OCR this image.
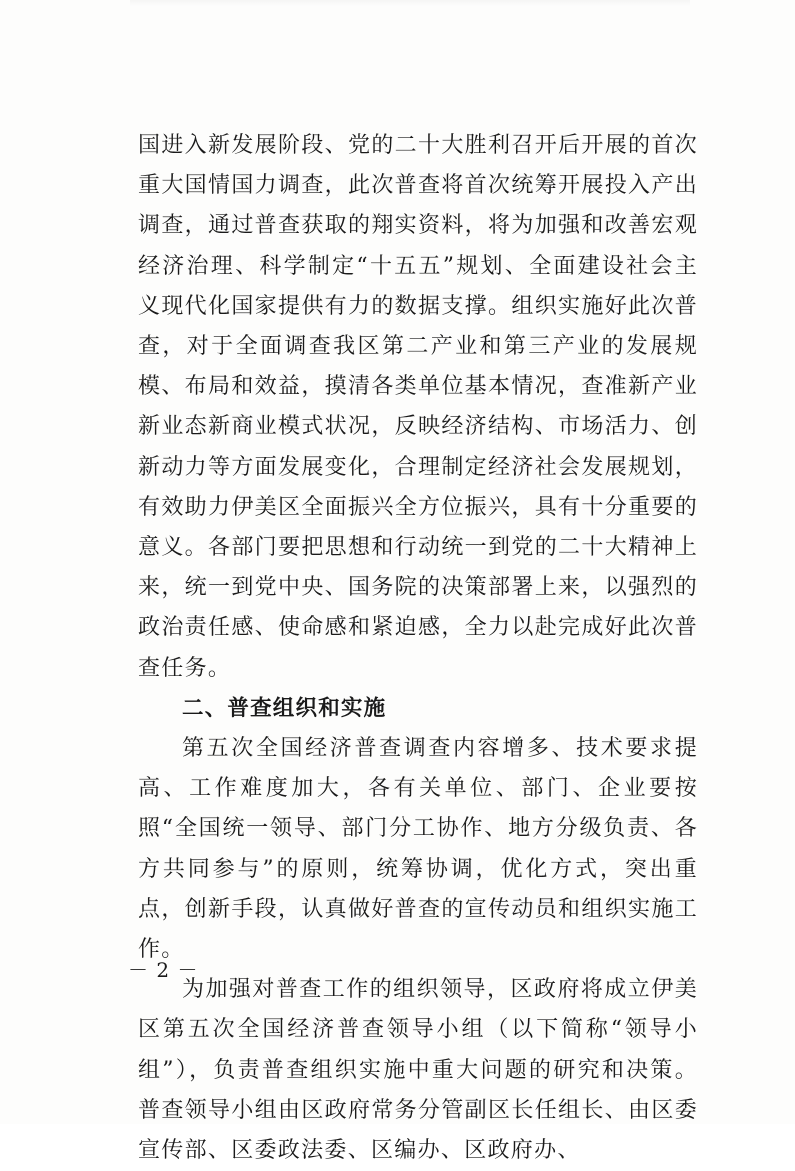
国进入新发展阶段、党的二十大胜利召开后开展的首次重大国情国力调查，此次普查将首次统筹开展投入产出调查，通过普查获取的翔实资料，将为加强和改善宏观经济治理、科学制定“十五五”规划、全面建设社会主义现代化国家提供有力的数据支撑。组织实施好此次普查，对于全面调查我区第二产业和第三产业的发展规模、布局和效益，摸清各类单位基本情况，查准新产业新业态新商业模式状况，反映经济结构、市场活力、创新动力等方面发展变化，合理制定经济社会发展规划，有效助力伊美区全面振兴全方位振兴，具有十分重要的意义。各部门要把思想和行动统一到党的二十大精神上来，统一到党中央、国务院的决策部署上来，以强烈的政治责任感、使命感和紧迫感，全力以赴完成好此次普查任务。

二、普查组织和实施

第五次全国经济普查调查内容增多、技术要求提高、工作难度加大，各有关单位、部门、企业要按照“全国统一领导、部门分工协作、地方分级负责、各方共同参与”的原则，统筹协调，优化方式，突出重点，创新手段，认真做好普查的宣传动员和组织实施工作。

为加强对普查工作的组织领导，区政府将成立伊美区第五次全国经济普查领导小组（以下简称“领导小组”），负责普查组织实施中重大问题的研究和决策。普查领导小组由区政府常务分管副区长任组长、由区委宣传部、区委政法委、区编办、区政府办、

－ 2 －
